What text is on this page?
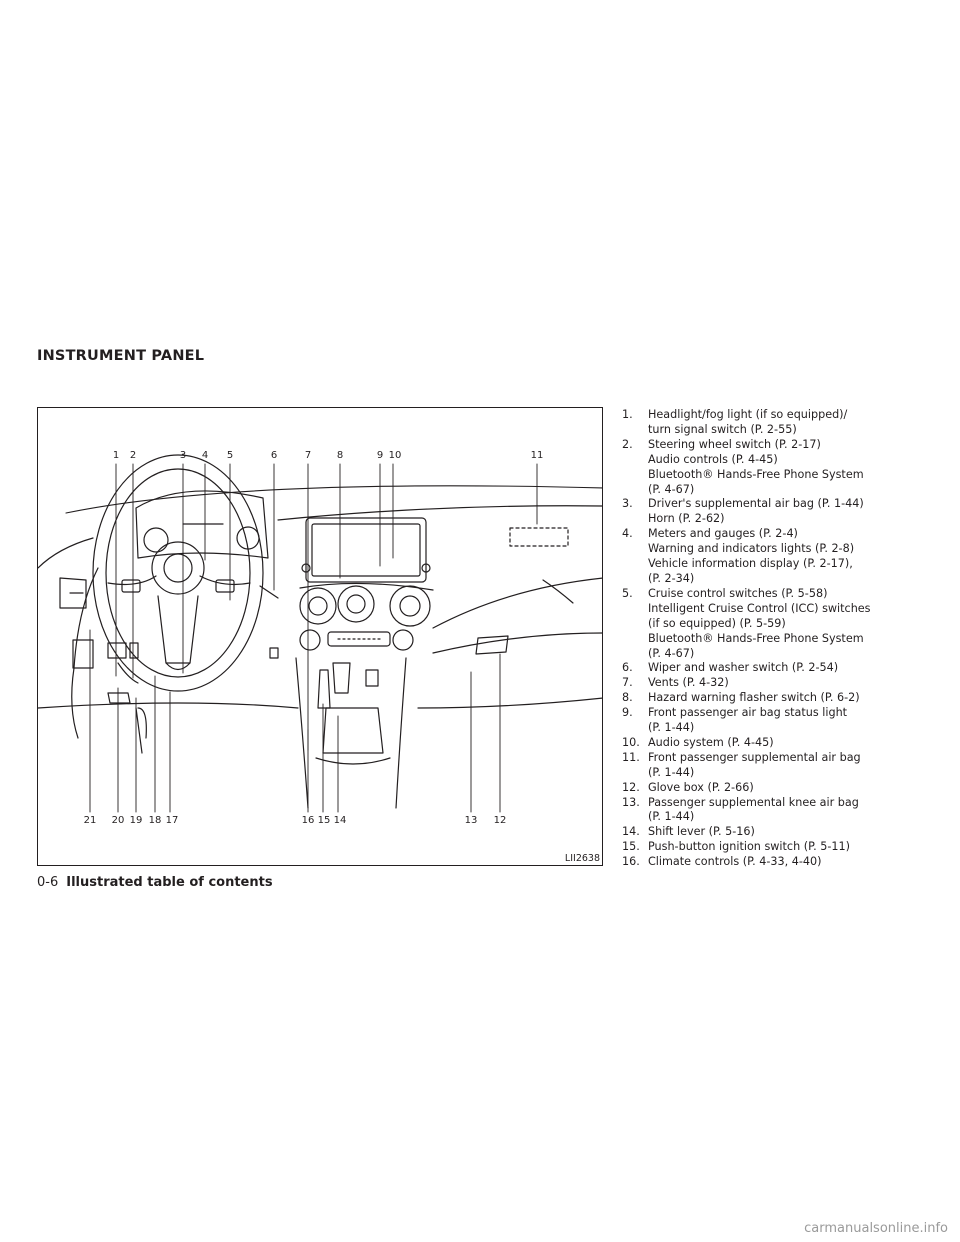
INSTRUMENT PANEL
1 2	3 4 5	6	7	8	9 10	11
21 20 19 18 17	16 15 14	13 12
LII2638
1.	Headlight/fog light (if so equipped)/
turn signal switch (P. 2-55)
2.	Steering wheel switch (P. 2-17)
Audio controls (P. 4-45)
Bluetooth® Hands-Free Phone System
(P. 4-67)
3.	Driver's supplemental air bag (P. 1-44)
Horn (P. 2-62)
4.	Meters and gauges (P. 2-4)
Warning and indicators lights (P. 2-8)
Vehicle information display (P. 2-17),
(P. 2-34)
5.	Cruise control switches (P. 5-58)
Intelligent Cruise Control (ICC) switches
(if so equipped) (P. 5-59)
Bluetooth® Hands-Free Phone System
(P. 4-67)
6.	Wiper and washer switch (P. 2-54)
7.	Vents (P. 4-32)
8.	Hazard warning flasher switch (P. 6-2)
9.	Front passenger air bag status light
(P. 1-44)
10. Audio system (P. 4-45)
11. Front passenger supplemental air bag
(P. 1-44)
12. Glove box (P. 2-66)
13. Passenger supplemental knee air bag
(P. 1-44)
14. Shift lever (P. 5-16)
15. Push-button ignition switch (P. 5-11)
16. Climate controls (P. 4-33, 4-40)
0-6 Illustrated table of contents
carmanualsonline.info
